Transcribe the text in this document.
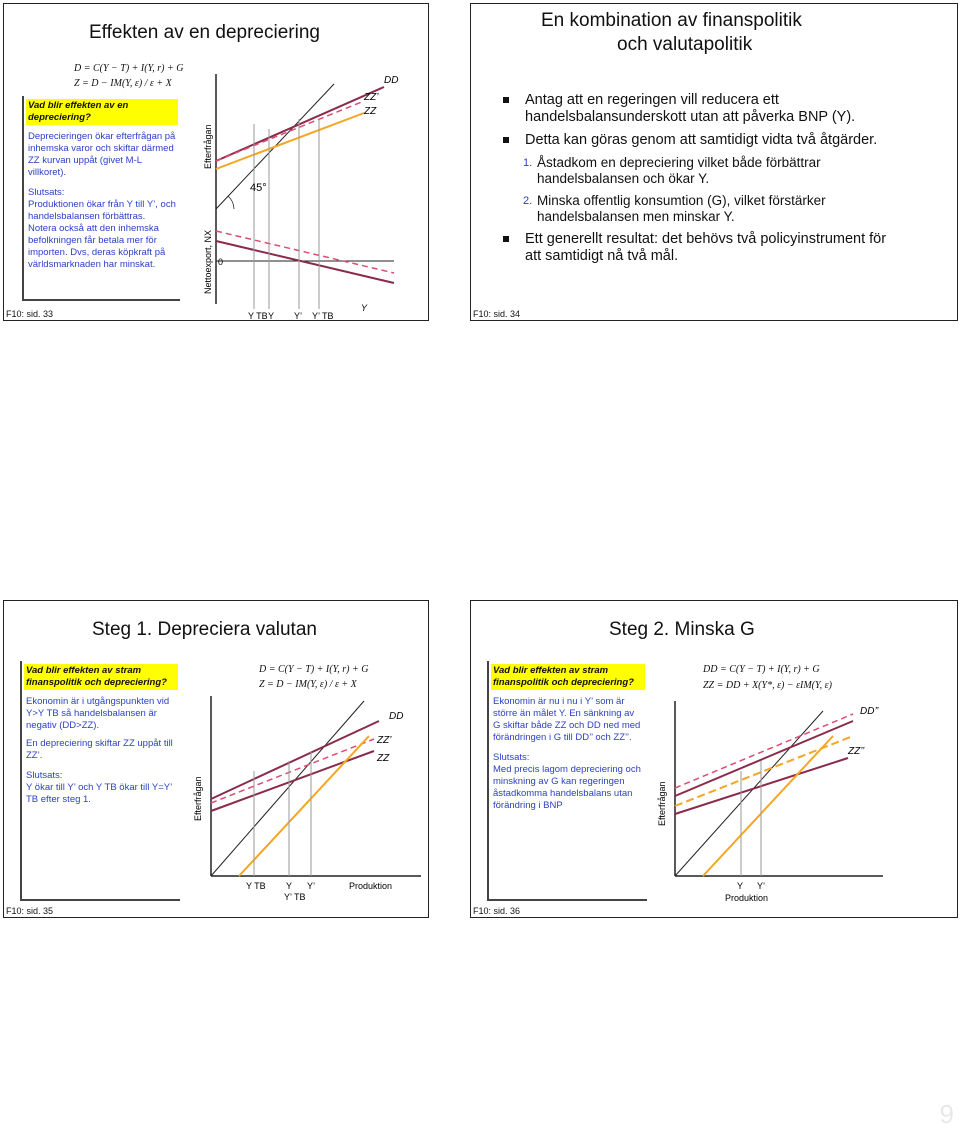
Effekten av en depreciering
D = C(Y − T) + I(Y, r) + G
Z = D − IM(Y, ε) / ε + X
Vad blir effekten av en depreciering?

Deprecieringen ökar efterfrågan på inhemska varor och skiftar därmed ZZ kurvan uppåt (givet M-L villkoret).

Slutsats:

Produktionen ökar från Y till Y’, och handelsbalansen förbättras. Notera också att den inhemska befolkningen får betala mer för importen. Dvs, deras köpkraft på världsmarknaden har minskat.

Efterfrågan
Nettoexport, NX
45°
0
DD
ZZ’
ZZ
Y TB Y Y’ Y’ TB
Y
F10: sid. 33
En kombination av finanspolitik
och valutapolitik
Antag att en regeringen vill reducera ett handelsbalansunderskott utan att påverka BNP (Y).
Detta kan göras genom att samtidigt vidta två åtgärder.
1. Åstadkom en depreciering vilket både förbättrar handelsbalansen och ökar Y.
2. Minska offentlig konsumtion (G), vilket förstärker handelsbalansen men minskar Y.
Ett generellt resultat: det behövs två policyinstrument för att samtidigt nå två mål.
F10: sid. 34
Steg 1. Depreciera valutan
D = C(Y − T) + I(Y, r) + G
Z = D − IM(Y, ε) / ε + X
Vad blir effekten av stram finanspolitik och depreciering?

Ekonomin är i utgångspunkten vid Y>Y TB så handelsbalansen är negativ (DD>ZZ).

En depreciering skiftar ZZ uppåt till ZZ’.

Slutsats:

Y ökar till Y’ och Y TB ökar till Y=Y’ TB efter steg 1.	Efterfrågan
DD
ZZ’
ZZ
Y TB Y Y’
Y’ TB
Produktion
F10: sid. 35
Steg 2. Minska G
DD = C(Y − T) + I(Y, r) + G
ZZ = DD + X(Y*, ε) − εIM(Y, ε)
Vad blir effekten av stram finanspolitik och depreciering?

Ekonomin är nu i nu i Y’ som är större än målet Y. En sänkning av G skiftar både ZZ och DD ned med förändringen i G till DD’’ och ZZ’’.

Slutsats:

Med precis lagom depreciering och minskning av G kan regeringen åstadkomma handelsbalans utan förändring i BNP	Efterfrågan
DD’’
ZZ’’
Y Y’
Produktion
F10: sid. 36
9
